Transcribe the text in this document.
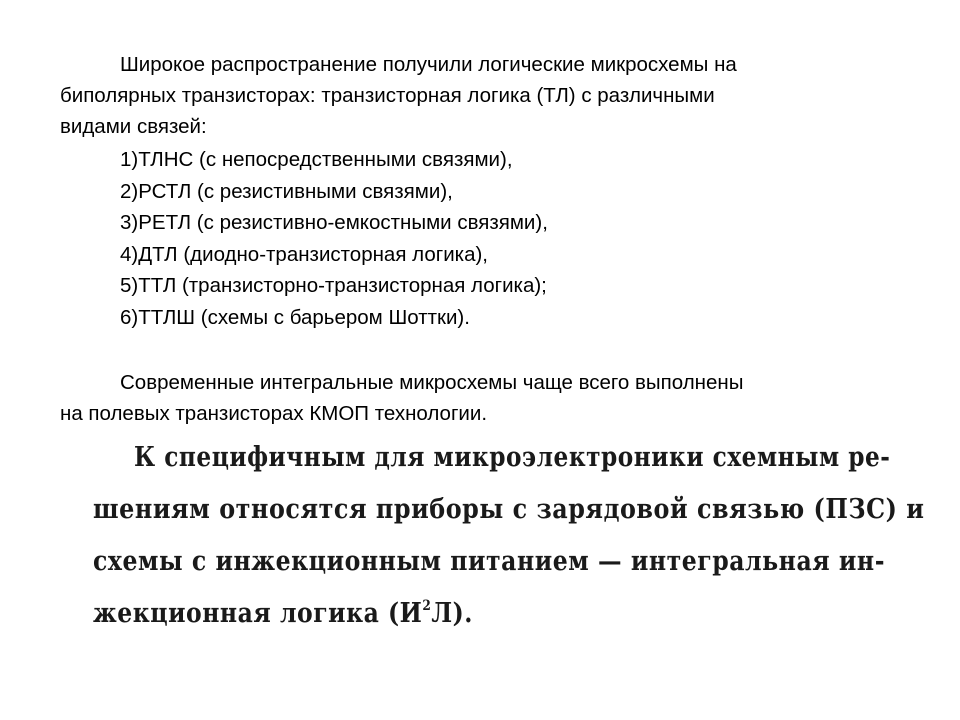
Широкое распространение получили логические микросхемы на
биполярных транзисторах: транзисторная логика (ТЛ) с различными
видами связей:
1)ТЛНС (с непосредственными связями),
2)РСТЛ (с резистивными связями),
3)РЕТЛ (с резистивно-емкостными связями),
4)ДТЛ (диодно-транзисторная логика),
5)ТТЛ (транзисторно-транзисторная логика);
6)ТТЛШ (схемы с барьером Шоттки).
Современные интегральные микросхемы чаще всего выполнены
на полевых транзисторах КМОП технологии.
К специфичным для микроэлектроники схемным ре-
шениям относятся приборы с зарядовой связью (ПЗС) и
схемы с инжекционным питанием — интегральная ин-
жекционная логика $(И^2Л)$.
